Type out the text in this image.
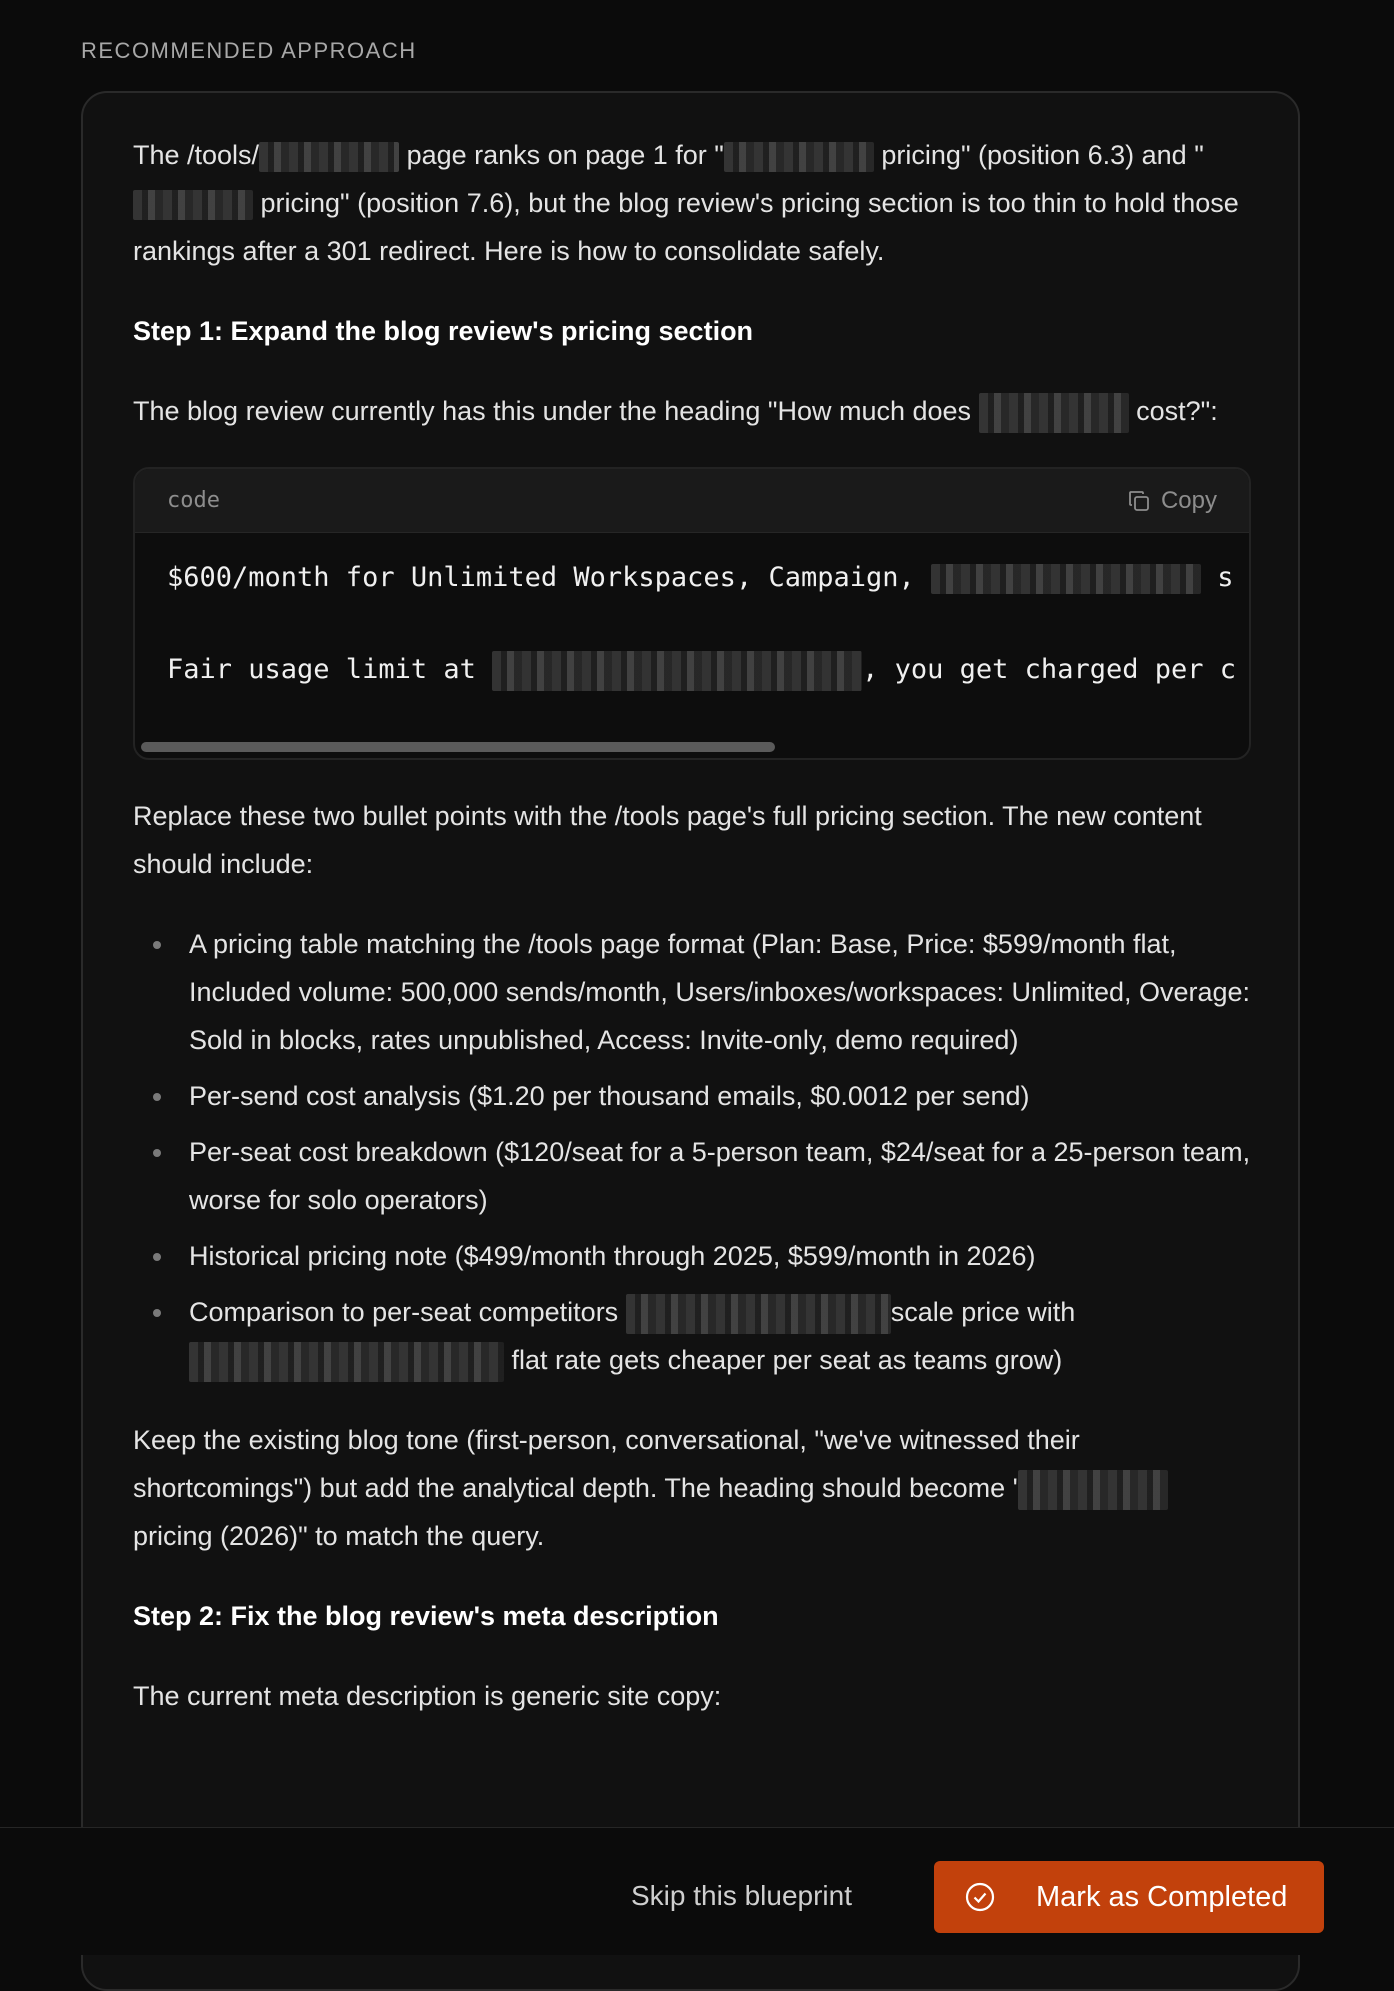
RECOMMENDED APPROACH

The /tools/	page ranks on page 1 for "	pricing" (position 6.3) and " pricing" (position 7.6), but the blog review's pricing section is too thin to hold those rankings after a 301 redirect. Here is how to consolidate safely.

Step 1: Expand the blog review's pricing section

The blog review currently has this under the heading "How much does	cost?":

code	Copy
$600/month for Unlimited Workspaces, Campaign,	s
Fair usage limit at	, you get charged per c

Replace these two bullet points with the /tools page's full pricing section. The new content should include:

A pricing table matching the /tools page format (Plan: Base, Price: $599/month flat, Included volume: 500,000 sends/month, Users/inboxes/workspaces: Unlimited, Overage: Sold in blocks, rates unpublished, Access: Invite-only, demo required)
Per-send cost analysis ($1.20 per thousand emails, $0.0012 per send)
Per-seat cost breakdown ($120/seat for a 5-person team, $24/seat for a 25-person team, worse for solo operators)
Historical pricing note ($499/month through 2025, $599/month in 2026)
Comparison to per-seat competitors	scale price with  flat rate gets cheaper per seat as teams grow)

Keep the existing blog tone (first-person, conversational, "we've witnessed their shortcomings") but add the analytical depth. The heading should become ' pricing (2026)" to match the query.

Step 2: Fix the blog review's meta description

The current meta description is generic site copy:

Skip this blueprint	Mark as Completed
